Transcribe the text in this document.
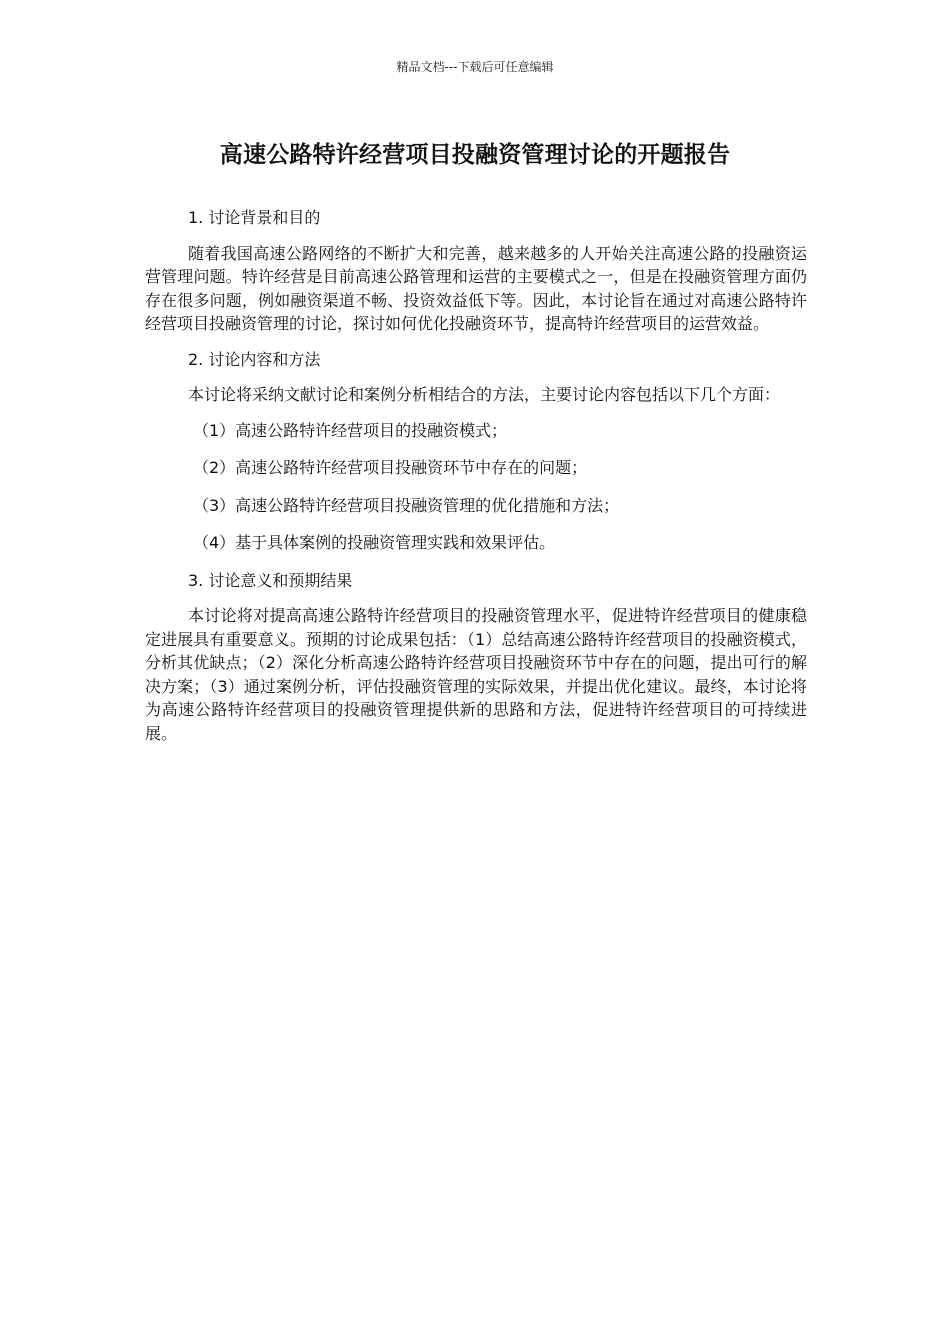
精品文档---下载后可任意编辑
高速公路特许经营项目投融资管理讨论的开题报告

1. 讨论背景和目的

随着我国高速公路网络的不断扩大和完善，越来越多的人开始关注高速公路的投融资运营管理问题。特许经营是目前高速公路管理和运营的主要模式之一，但是在投融资管理方面仍存在很多问题，例如融资渠道不畅、投资效益低下等。因此，本讨论旨在通过对高速公路特许经营项目投融资管理的讨论，探讨如何优化投融资环节，提高特许经营项目的运营效益。

2. 讨论内容和方法

本讨论将采纳文献讨论和案例分析相结合的方法，主要讨论内容包括以下几个方面：

（1）高速公路特许经营项目的投融资模式；

（2）高速公路特许经营项目投融资环节中存在的问题；

（3）高速公路特许经营项目投融资管理的优化措施和方法；

（4）基于具体案例的投融资管理实践和效果评估。

3. 讨论意义和预期结果

本讨论将对提高高速公路特许经营项目的投融资管理水平，促进特许经营项目的健康稳定进展具有重要意义。预期的讨论成果包括：（1）总结高速公路特许经营项目的投融资模式，分析其优缺点；（2）深化分析高速公路特许经营项目投融资环节中存在的问题，提出可行的解决方案；（3）通过案例分析，评估投融资管理的实际效果，并提出优化建议。最终，本讨论将为高速公路特许经营项目的投融资管理提供新的思路和方法，促进特许经营项目的可持续进展。
